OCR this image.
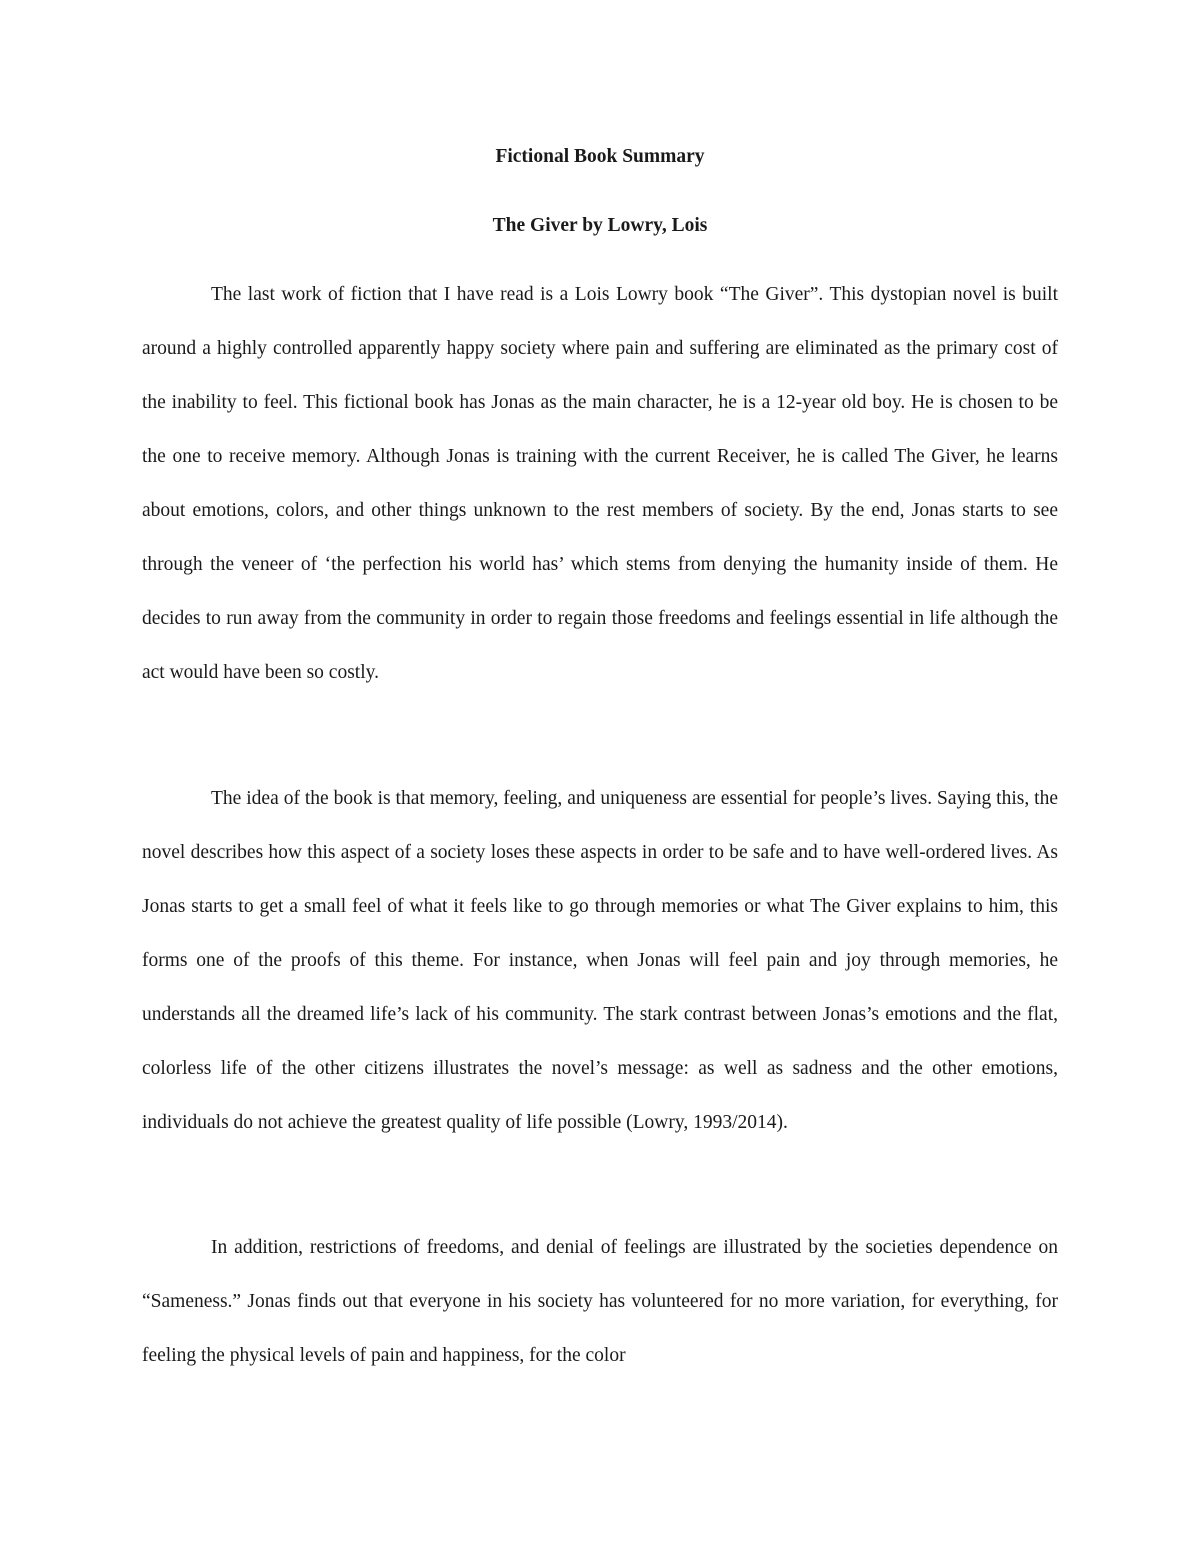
Fictional Book Summary
The Giver by Lowry, Lois

The last work of fiction that I have read is a Lois Lowry book “The Giver”. This dystopian novel is built around a highly controlled apparently happy society where pain and suffering are eliminated as the primary cost of the inability to feel. This fictional book has Jonas as the main character, he is a 12-year old boy. He is chosen to be the one to receive memory. Although Jonas is training with the current Receiver, he is called The Giver, he learns about emotions, colors, and other things unknown to the rest members of society. By the end, Jonas starts to see through the veneer of ‘the perfection his world has’ which stems from denying the humanity inside of them. He decides to run away from the community in order to regain those freedoms and feelings essential in life although the act would have been so costly.

The idea of the book is that memory, feeling, and uniqueness are essential for people’s lives. Saying this, the novel describes how this aspect of a society loses these aspects in order to be safe and to have well-ordered lives. As Jonas starts to get a small feel of what it feels like to go through memories or what The Giver explains to him, this forms one of the proofs of this theme. For instance, when Jonas will feel pain and joy through memories, he understands all the dreamed life’s lack of his community. The stark contrast between Jonas’s emotions and the flat, colorless life of the other citizens illustrates the novel’s message: as well as sadness and the other emotions, individuals do not achieve the greatest quality of life possible (Lowry, 1993/2014).

In addition, restrictions of freedoms, and denial of feelings are illustrated by the societies dependence on “Sameness.” Jonas finds out that everyone in his society has volunteered for no more variation, for everything, for feeling the physical levels of pain and happiness, for the color
